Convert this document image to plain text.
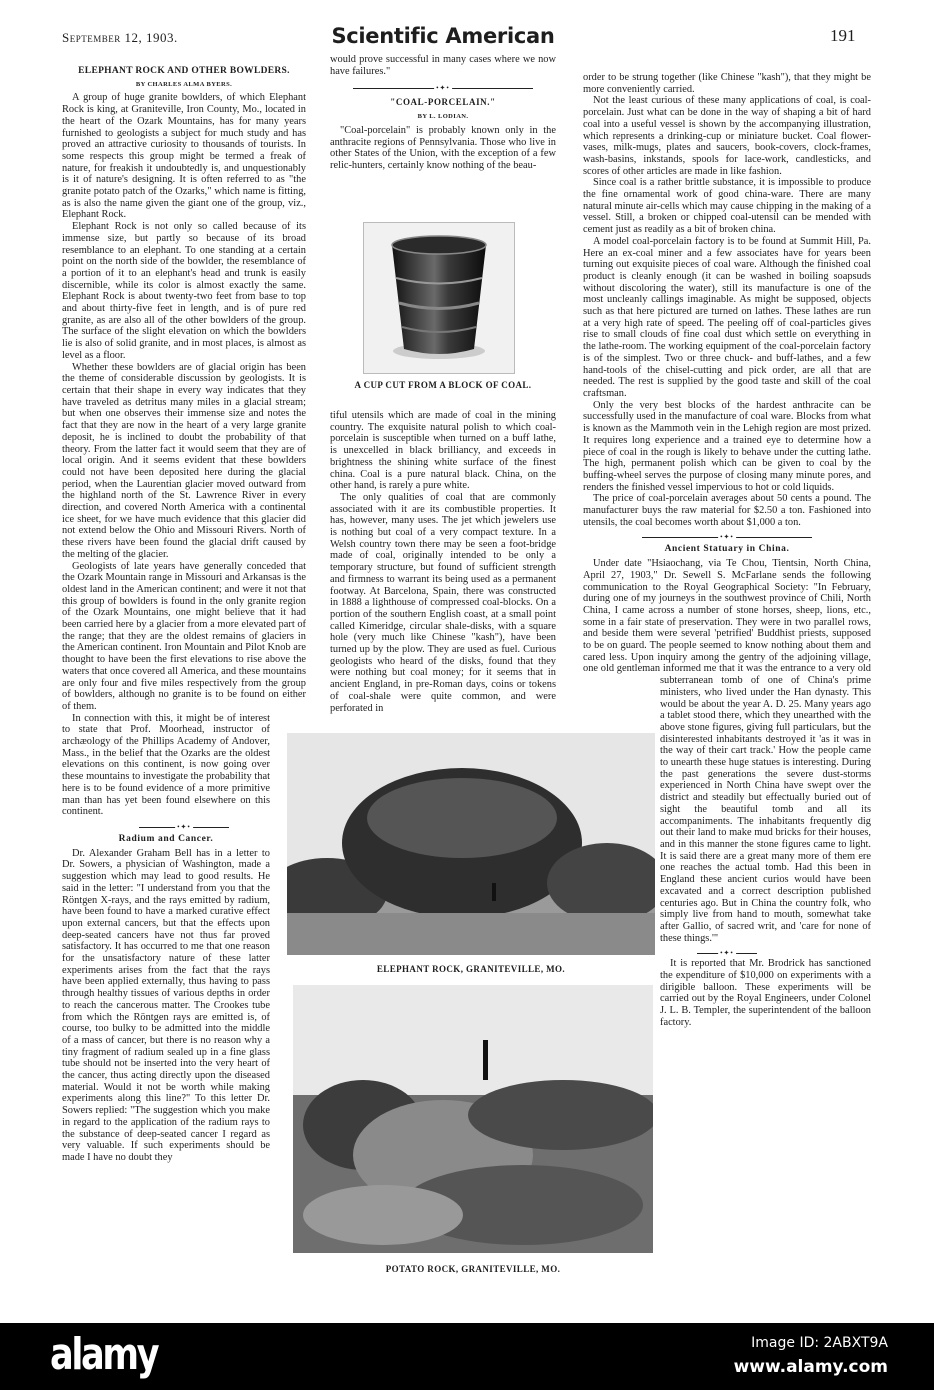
September 12, 1903.	Scientific American	191
ELEPHANT ROCK AND OTHER BOWLDERS.
BY CHARLES ALMA BYERS.

A group of huge granite bowlders, of which Elephant Rock is king, at Graniteville, Iron County, Mo., located in the heart of the Ozark Mountains, has for many years furnished to geologists a subject for much study and has proved an attractive curiosity to thousands of tourists. In some respects this group might be termed a freak of nature, for freakish it undoubtedly is, and unquestionably is it of nature's designing. It is often referred to as "the granite potato patch of the Ozarks," which name is fitting, as is also the name given the giant one of the group, viz., Elephant Rock.

Elephant Rock is not only so called because of its immense size, but partly so because of its broad resemblance to an elephant. To one standing at a certain point on the north side of the bowlder, the resemblance of a portion of it to an elephant's head and trunk is easily discernible, while its color is almost exactly the same. Elephant Rock is about twenty-two feet from base to top and about thirty-five feet in length, and is of pure red granite, as are also all of the other bowlders of the group. The surface of the slight elevation on which the bowlders lie is also of solid granite, and in most places, is almost as level as a floor.

Whether these bowlders are of glacial origin has been the theme of considerable discussion by geologists. It is certain that their shape in every way indicates that they have traveled as detritus many miles in a glacial stream; but when one observes their immense size and notes the fact that they are now in the heart of a very large granite deposit, he is inclined to doubt the probability of that theory. From the latter fact it would seem that they are of local origin. And it seems evident that these bowlders could not have been deposited here during the glacial period, when the Laurentian glacier moved outward from the highland north of the St. Lawrence River in every direction, and covered North America with a continental ice sheet, for we have much evidence that this glacier did not extend below the Ohio and Missouri Rivers. North of these rivers have been found the glacial drift caused by the melting of the glacier.

Geologists of late years have generally conceded that the Ozark Mountain range in Missouri and Arkansas is the oldest land in the American continent; and were it not that this group of bowlders is found in the only granite region of the Ozark Mountains, one might believe that it had been carried here by a glacier from a more elevated part of the range; that they are the oldest remains of glaciers in the American continent. Iron Mountain and Pilot Knob are thought to have been the first elevations to rise above the waters that once covered all America, and these mountains are only four and five miles respectively from the group of bowlders, although no granite is to be found on either of them.

In connection with this, it might be of interest to state that Prof. Moorhead, instructor of archæology of the Phillips Academy of Andover, Mass., in the belief that the Ozarks are the oldest elevations on this continent, is now going over these mountains to investigate the probability that here is to be found evidence of a more primitive man than has yet been found elsewhere on this continent.

•✦•
Radium and Cancer.

Dr. Alexander Graham Bell has in a letter to Dr. Sowers, a physician of Washington, made a suggestion which may lead to good results. He said in the letter: "I understand from you that the Röntgen X-rays, and the rays emitted by radium, have been found to have a marked curative effect upon external cancers, but that the effects upon deep-seated cancers have not thus far proved satisfactory. It has occurred to me that one reason for the unsatisfactory nature of these latter experiments arises from the fact that the rays have been applied externally, thus having to pass through healthy tissues of various depths in order to reach the cancerous matter. The Crookes tube from which the Röntgen rays are emitted is, of course, too bulky to be admitted into the middle of a mass of cancer, but there is no reason why a tiny fragment of radium sealed up in a fine glass tube should not be inserted into the very heart of the cancer, thus acting directly upon the diseased material. Would it not be worth while making experiments along this line?" To this letter Dr. Sowers replied: "The suggestion which you make in regard to the application of the radium rays to the substance of deep-seated cancer I regard as very valuable. If such experiments should be made I have no doubt they

would prove successful in many cases where we now have failures."

•✦•
"COAL-PORCELAIN."
BY L. LODIAN.

"Coal-porcelain" is probably known only in the anthracite regions of Pennsylvania. Those who live in other States of the Union, with the exception of a few relic-hunters, certainly know nothing of the beau-

A CUP CUT FROM A BLOCK OF COAL.

tiful utensils which are made of coal in the mining country. The exquisite natural polish to which coal-porcelain is susceptible when turned on a buff lathe, is unexcelled in black brilliancy, and exceeds in brightness the shining white surface of the finest china. Coal is a pure natural black. China, on the other hand, is rarely a pure white.

The only qualities of coal that are commonly associated with it are its combustible properties. It has, however, many uses. The jet which jewelers use is nothing but coal of a very compact texture. In a Welsh country town there may be seen a foot-bridge made of coal, originally intended to be only a temporary structure, but found of sufficient strength and firmness to warrant its being used as a permanent footway. At Barcelona, Spain, there was constructed in 1888 a lighthouse of compressed coal-blocks. On a portion of the southern English coast, at a small point called Kimeridge, circular shale-disks, with a square hole (very much like Chinese "kash"), have been turned up by the plow. They are used as fuel. Curious geologists who heard of the disks, found that they were nothing but coal money; for it seems that in ancient England, in pre-Roman days, coins or tokens of coal-shale were quite common, and were perforated in

ELEPHANT ROCK, GRANITEVILLE, MO.
POTATO ROCK, GRANITEVILLE, MO.

order to be strung together (like Chinese "kash"), that they might be more conveniently carried.

Not the least curious of these many applications of coal, is coal-porcelain. Just what can be done in the way of shaping a bit of hard coal into a useful vessel is shown by the accompanying illustration, which represents a drinking-cup or miniature bucket. Coal flower-vases, milk-mugs, plates and saucers, book-covers, clock-frames, wash-basins, inkstands, spools for lace-work, candlesticks, and scores of other articles are made in like fashion.

Since coal is a rather brittle substance, it is impossible to produce the fine ornamental work of good china-ware. There are many natural minute air-cells which may cause chipping in the making of a vessel. Still, a broken or chipped coal-utensil can be mended with cement just as readily as a bit of broken china.

A model coal-porcelain factory is to be found at Summit Hill, Pa. Here an ex-coal miner and a few associates have for years been turning out exquisite pieces of coal ware. Although the finished coal product is cleanly enough (it can be washed in boiling soapsuds without discoloring the water), still its manufacture is one of the most uncleanly callings imaginable. As might be supposed, objects such as that here pictured are turned on lathes. These lathes are run at a very high rate of speed. The peeling off of coal-particles gives rise to small clouds of fine coal dust which settle on everything in the lathe-room. The working equipment of the coal-porcelain factory is of the simplest. Two or three chuck- and buff-lathes, and a few hand-tools of the chisel-cutting and pick order, are all that are needed. The rest is supplied by the good taste and skill of the coal craftsman.

Only the very best blocks of the hardest anthracite can be successfully used in the manufacture of coal ware. Blocks from what is known as the Mammoth vein in the Lehigh region are most prized. It requires long experience and a trained eye to determine how a piece of coal in the rough is likely to behave under the cutting lathe. The high, permanent polish which can be given to coal by the buffing-wheel serves the purpose of closing many minute pores, and renders the finished vessel impervious to hot or cold liquids.

The price of coal-porcelain averages about 50 cents a pound. The manufacturer buys the raw material for $2.50 a ton. Fashioned into utensils, the coal becomes worth about $1,000 a ton.

•✦•
Ancient Statuary in China.

Under date "Hsiaochang, via Te Chou, Tientsin, North China, April 27, 1903," Dr. Sewell S. McFarlane sends the following communication to the Royal Geographical Society: "In February, during one of my journeys in the southwest province of Chili, North China, I came across a number of stone horses, sheep, lions, etc., some in a fair state of preservation. They were in two parallel rows, and beside them were several 'petrified' Buddhist priests, supposed to be on guard. The people seemed to know nothing about them and cared less. Upon inquiry among the gentry of the adjoining village, one old gentleman informed me that it was the entrance to a very old subterranean tomb of one of China's prime ministers, who lived under the Han dynasty. This would be about the year A. D. 25. Many years ago a tablet stood there, which they unearthed with the above stone figures, giving full particulars, but the disinterested inhabitants destroyed it 'as it was in the way of their cart track.' How the people came to unearth these huge statues is interesting. During the past generations the severe dust-storms experienced in North China have swept over the district and steadily but effectually buried out of sight the beautiful tomb and all its accompaniments. The inhabitants frequently dig out their land to make mud bricks for their houses, and in this manner the stone figures came to light. It is said there are a great many more of them ere one reaches the actual tomb. Had this been in England these ancient curios would have been excavated and a correct description published centuries ago. But in China the country folk, who simply live from hand to mouth, somewhat take after Gallio, of sacred writ, and 'care for none of these things.'"

•✦•

It is reported that Mr. Brodrick has sanctioned the expenditure of $10,000 on experiments with a dirigible balloon. These experiments will be carried out by the Royal Engineers, under Colonel J. L. B. Templer, the superintendent of the balloon factory.

alamy	Image ID: 2ABXT9A
www.alamy.com
